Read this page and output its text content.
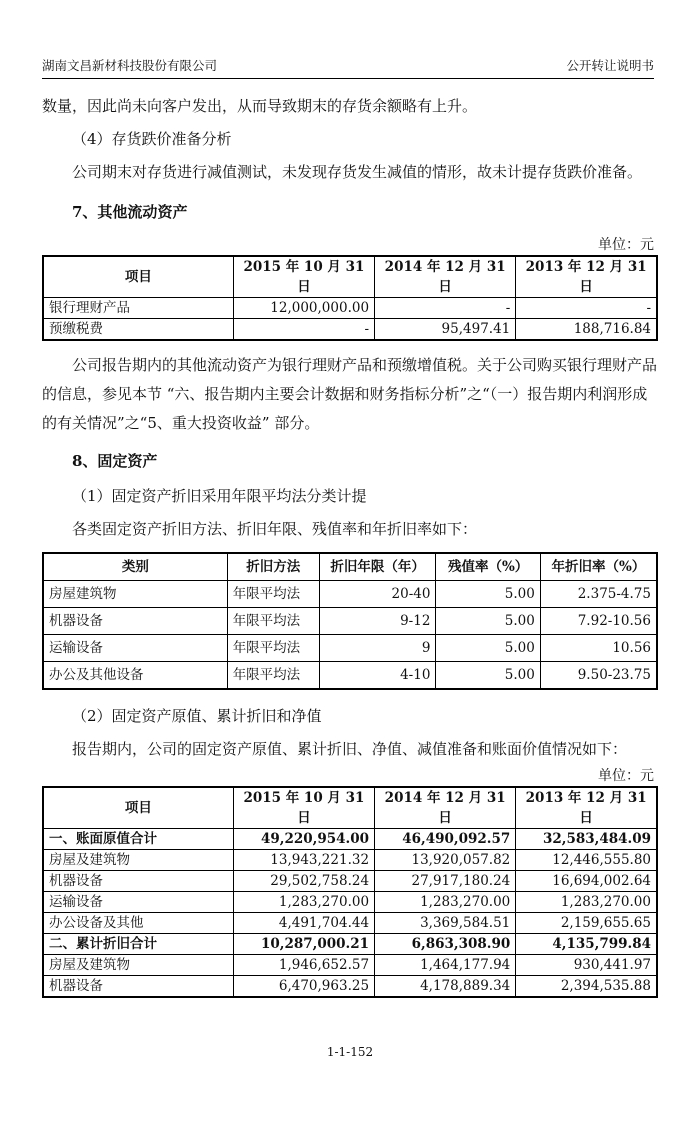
湖南文昌新材科技股份有限公司	公开转让说明书

数量，因此尚未向客户发出，从而导致期末的存货余额略有上升。

（4）存货跌价准备分析

公司期末对存货进行减值测试，未发现存货发生减值的情形，故未计提存货跌价准备。

7、其他流动资产

单位：元
项目	2015 年 10 月 31 日	2014 年 12 月 31 日	2013 年 12 月 31 日
银行理财产品	12,000,000.00	-	-
预缴税费	-	95,497.41	188,716.84

公司报告期内的其他流动资产为银行理财产品和预缴增值税。关于公司购买银行理财产品的信息，参见本节 “六、报告期内主要会计数据和财务指标分析”之“（一）报告期内利润形成的有关情况”之“5、重大投资收益” 部分。

8、固定资产

（1）固定资产折旧采用年限平均法分类计提

各类固定资产折旧方法、折旧年限、残值率和年折旧率如下：

类别	折旧方法	折旧年限（年）	残值率（%）	年折旧率（%）
房屋建筑物	年限平均法	20-40	5.00	2.375-4.75
机器设备	年限平均法	9-12	5.00	7.92-10.56
运输设备	年限平均法	9	5.00	10.56
办公及其他设备	年限平均法	4-10	5.00	9.50-23.75

（2）固定资产原值、累计折旧和净值

报告期内，公司的固定资产原值、累计折旧、净值、减值准备和账面价值情况如下：

单位：元
项目	2015 年 10 月 31 日	2014 年 12 月 31 日	2013 年 12 月 31 日
一、账面原值合计	49,220,954.00	46,490,092.57	32,583,484.09
房屋及建筑物	13,943,221.32	13,920,057.82	12,446,555.80
机器设备	29,502,758.24	27,917,180.24	16,694,002.64
运输设备	1,283,270.00	1,283,270.00	1,283,270.00
办公设备及其他	4,491,704.44	3,369,584.51	2,159,655.65
二、累计折旧合计	10,287,000.21	6,863,308.90	4,135,799.84
房屋及建筑物	1,946,652.57	1,464,177.94	930,441.97
机器设备	6,470,963.25	4,178,889.34	2,394,535.88
1-1-152
